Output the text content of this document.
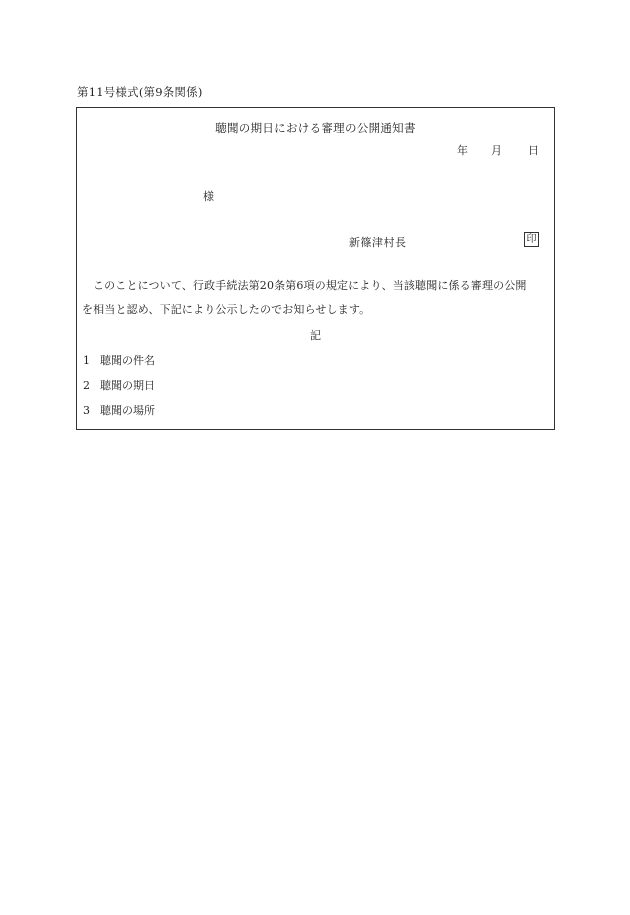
第11号様式(第9条関係)
聴聞の期日における審理の公開通知書
年 月 日
様
新篠津村長	印
このことについて、行政手続法第20条第6項の規定により、当該聴聞に係る審理の公開
を相当と認め、下記により公示したのでお知らせします。
記
1 聴聞の件名
2 聴聞の期日
3 聴聞の場所
